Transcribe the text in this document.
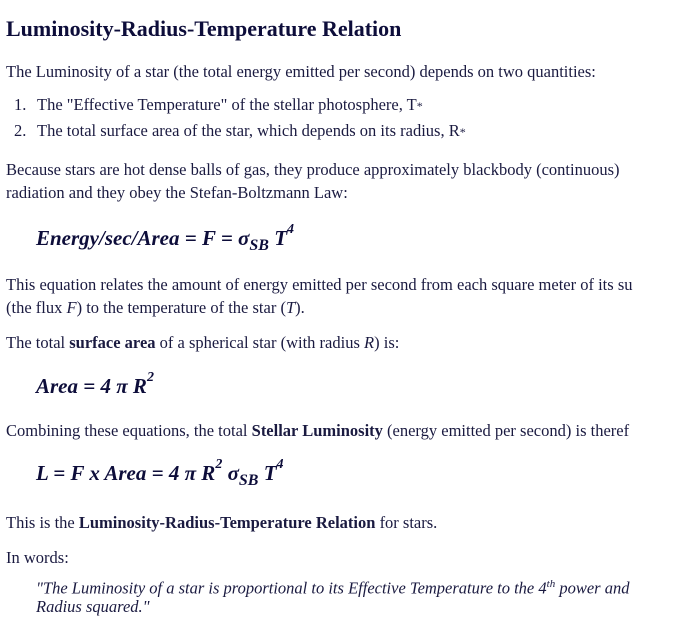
Luminosity-Radius-Temperature Relation
The Luminosity of a star (the total energy emitted per second) depends on two quantities:
1. The "Effective Temperature" of the stellar photosphere, T*
2. The total surface area of the star, which depends on its radius, R*
Because stars are hot dense balls of gas, they produce approximately blackbody (continuous)
radiation and they obey the Stefan-Boltzmann Law:
Energy/sec/Area = $F = \sigma_{SB}$ $T^4$
This equation relates the amount of energy emitted per second from each square meter of its su
(the flux F) to the temperature of the star (T).
The total surface area of a spherical star (with radius R) is:
Area = 4 π $R^2$
Combining these equations, the total Stellar Luminosity (energy emitted per second) is theref
L = F x Area = 4 π $R^2$ $\sigma_{SB}$ $T^4$
This is the Luminosity-Radius-Temperature Relation for stars.
In words:
"The Luminosity of a star is proportional to its Effective Temperature to the 4th power and
Radius squared."
